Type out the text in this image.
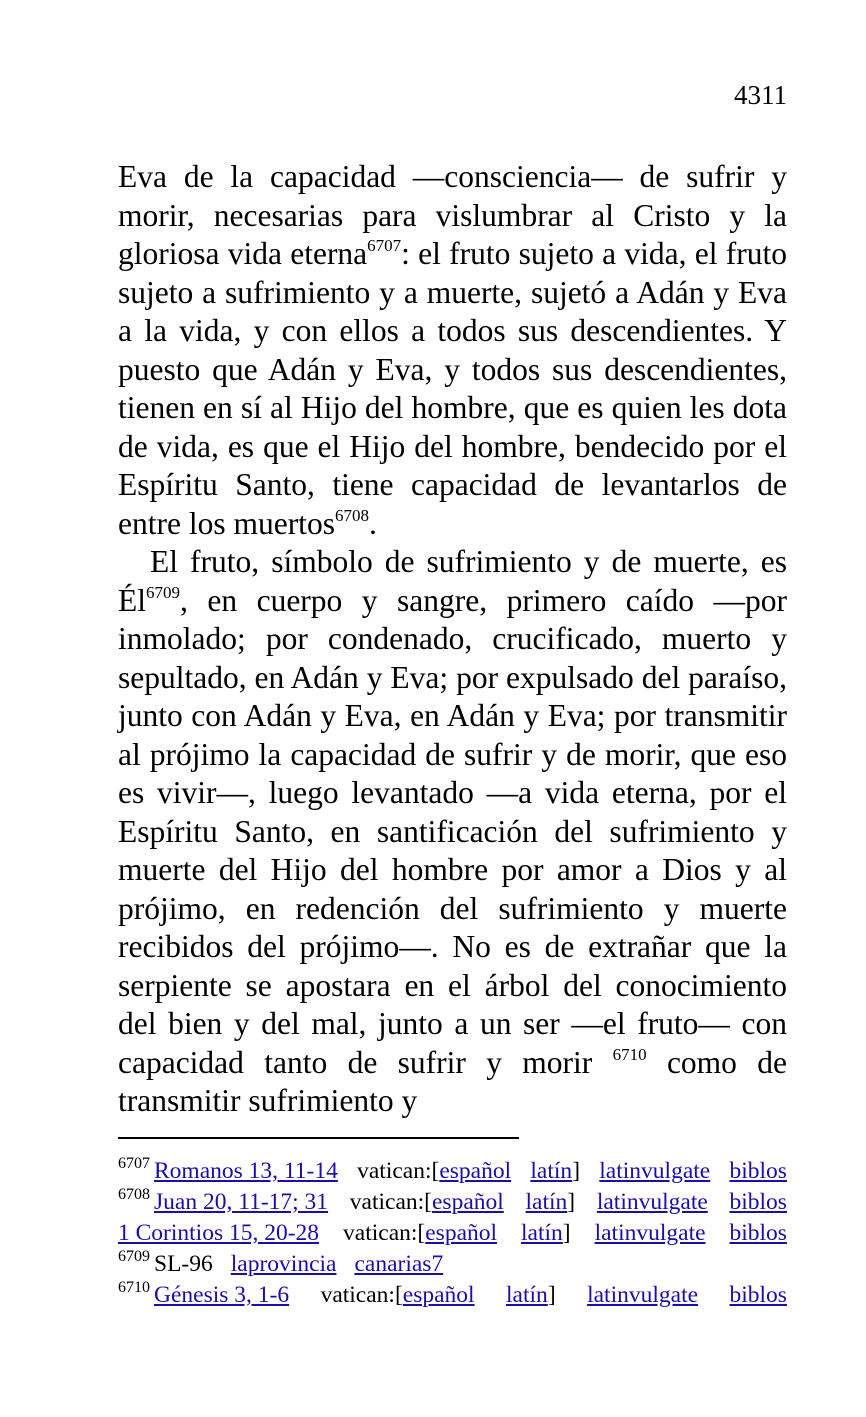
4311

Eva de la capacidad —consciencia— de sufrir y morir, necesarias para vislumbrar al Cristo y la gloriosa vida eterna$^{6707}$: el fruto sujeto a vida, el fruto sujeto a sufrimiento y a muerte, sujetó a Adán y Eva a la vida, y con ellos a todos sus descendientes. Y puesto que Adán y Eva, y todos sus descendientes, tienen en sí al Hijo del hombre, que es quien les dota de vida, es que el Hijo del hombre, bendecido por el Espíritu Santo, tiene capacidad de levantarlos de entre los muertos$^{6708}$.

El fruto, símbolo de sufrimiento y de muerte, es $Él^{6709}$, en cuerpo y sangre, primero caído —por inmolado; por condenado, crucificado, muerto y sepultado, en Adán y Eva; por expulsado del paraíso, junto con Adán y Eva, en Adán y Eva; por transmitir al prójimo la capacidad de sufrir y de morir, que eso es vivir—, luego levantado —a vida eterna, por el Espíritu Santo, en santificación del sufrimiento y muerte del Hijo del hombre por amor a Dios y al prójimo, en redención del sufrimiento y muerte recibidos del prójimo—. No es de extrañar que la serpiente se apostara en el árbol del conocimiento del bien y del mal, junto a un ser —el fruto— con capacidad tanto de sufrir y morir $^{6710}$ como de transmitir sufrimiento y

$^{6707}$ Romanos 13, 11-14 vatican:[español latín] latinvulgate biblos
$^{6708}$ Juan 20, 11-17; 31 vatican:[español latín] latinvulgate biblos
1 Corintios 15, 20-28 vatican:[español latín] latinvulgate biblos
$^{6709}$ SL-96 laprovincia canarias7
$^{6710}$ Génesis 3, 1-6 vatican:[español latín] latinvulgate biblos
